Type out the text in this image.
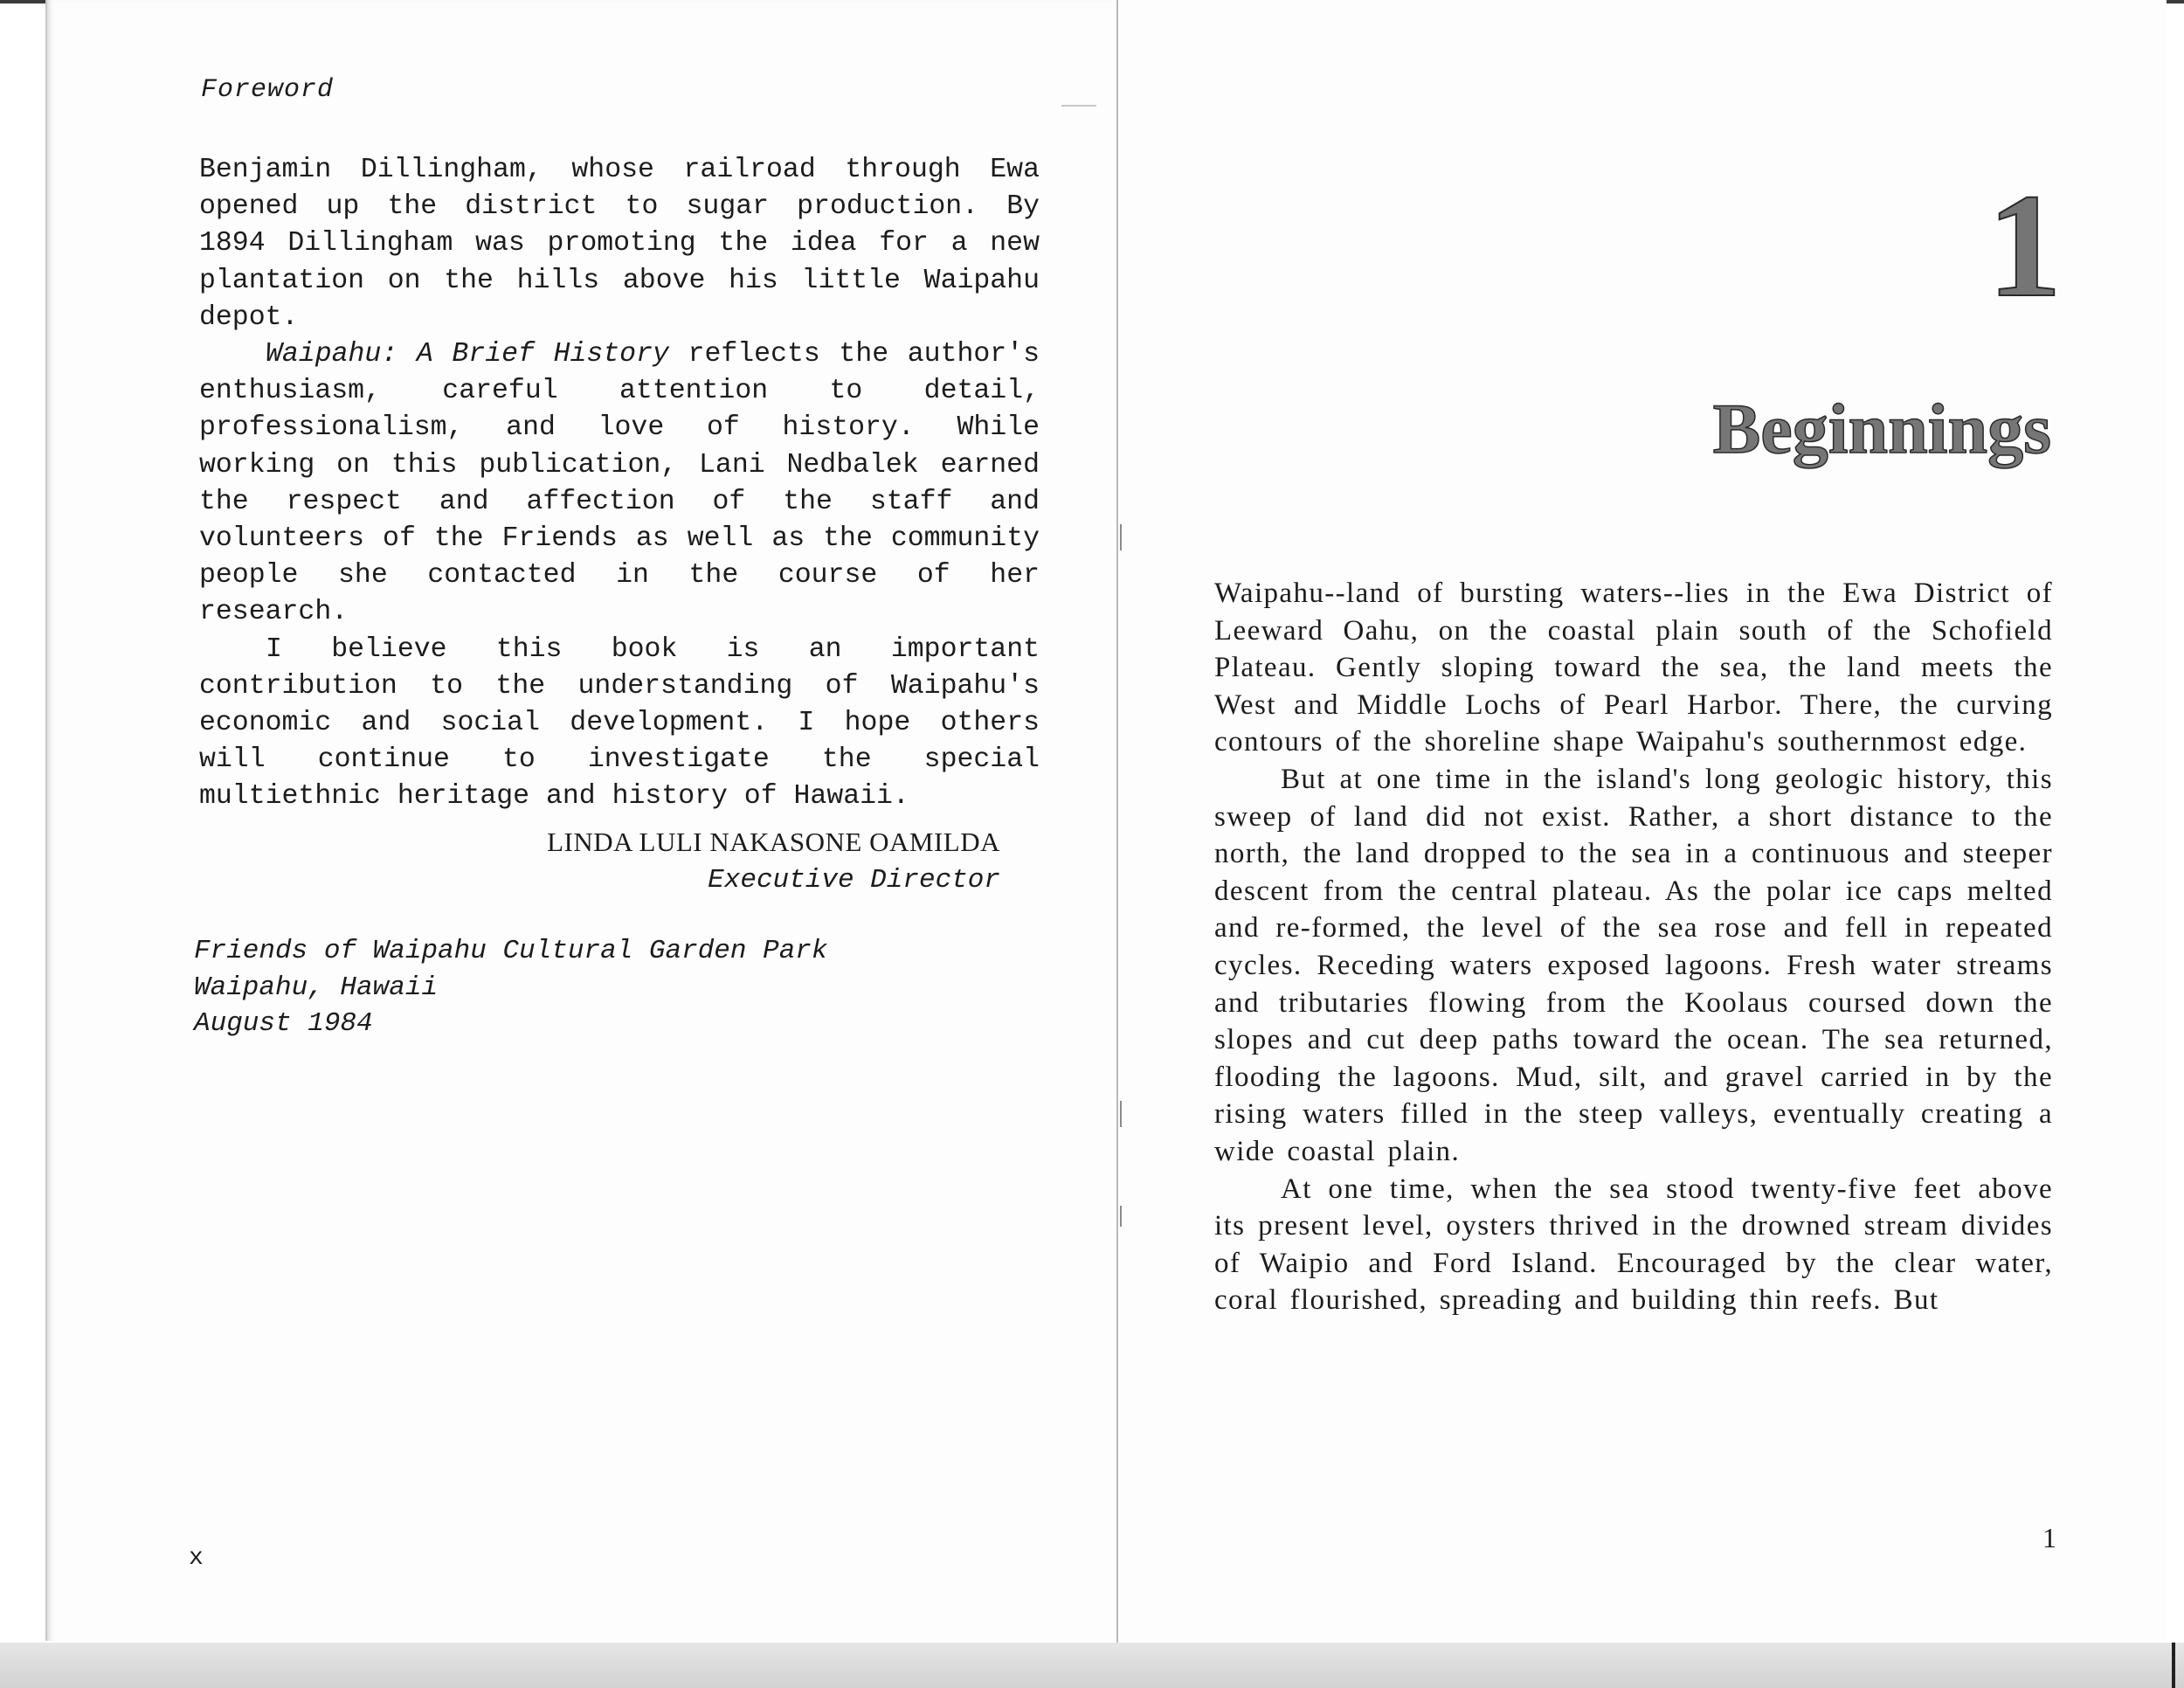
Foreword

Benjamin Dillingham, whose railroad through Ewa opened up the district to sugar production. By 1894 Dillingham was promoting the idea for a new plantation on the hills above his little Waipahu depot.

Waipahu: A Brief History reflects the author's enthusiasm, careful attention to detail, professionalism, and love of history. While working on this publication, Lani Nedbalek earned the respect and affection of the staff and volunteers of the Friends as well as the community people she contacted in the course of her research.

I believe this book is an important contribution to the understanding of Waipahu's economic and social development. I hope others will continue to investigate the special multiethnic heritage and history of Hawaii.

LINDA LULI NAKASONE OAMILDA
Executive Director
Friends of Waipahu Cultural Garden Park
Waipahu, Hawaii
August 1984
x
1
Beginnings

Waipahu--land of bursting waters--lies in the Ewa District of Leeward Oahu, on the coastal plain south of the Schofield Plateau. Gently sloping toward the sea, the land meets the West and Middle Lochs of Pearl Harbor. There, the curving contours of the shoreline shape Waipahu's southernmost edge.

But at one time in the island's long geologic history, this sweep of land did not exist. Rather, a short distance to the north, the land dropped to the sea in a continuous and steeper descent from the central plateau. As the polar ice caps melted and re-formed, the level of the sea rose and fell in repeated cycles. Receding waters exposed lagoons. Fresh water streams and tributaries flowing from the Koolaus coursed down the slopes and cut deep paths toward the ocean. The sea returned, flooding the lagoons. Mud, silt, and gravel carried in by the rising waters filled in the steep valleys, eventually creating a wide coastal plain.

At one time, when the sea stood twenty-five feet above its present level, oysters thrived in the drowned stream divides of Waipio and Ford Island. Encouraged by the clear water, coral flourished, spreading and building thin reefs. But

1
